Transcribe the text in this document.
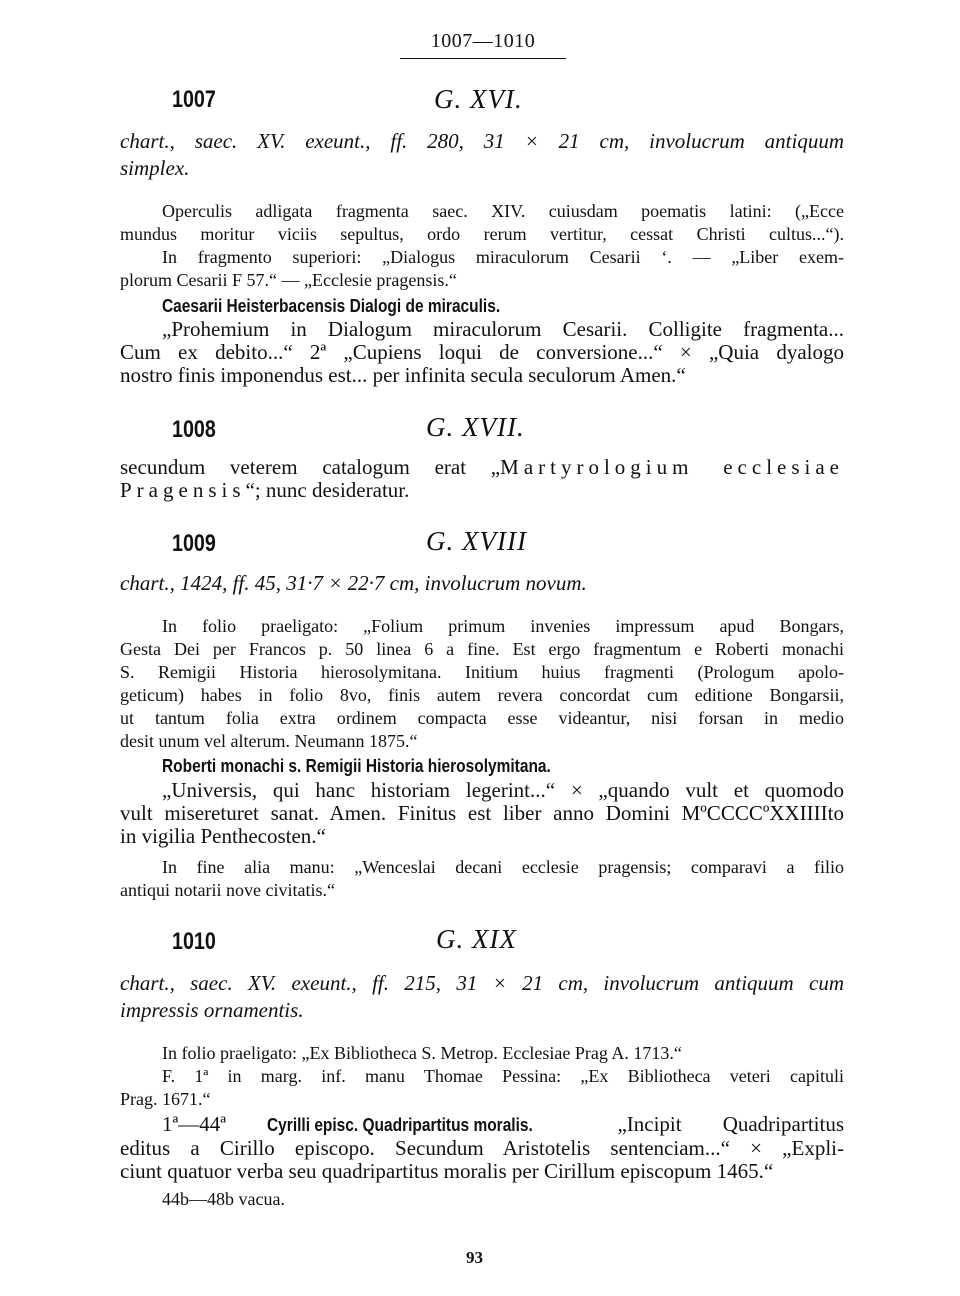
1007—1010
1007	G. XVI.
chart., saec. XV. exeunt., ff. 280, 31 × 21 cm, involucrum antiquum
simplex.
Operculis adligata fragmenta saec. XIV. cuiusdam poematis latini: („Ecce
mundus moritur viciis sepultus, ordo rerum vertitur, cessat Christi cultus...“).
In fragmento superiori: „Dialogus miraculorum Cesarii ‘. — „Liber exem-
plorum Cesarii F 57.“ — „Ecclesie pragensis.“
Caesarii Heisterbacensis Dialogi de miraculis.
„Prohemium in Dialogum miraculorum Cesarii. Colligite fragmenta...
Cum ex debito...“ 2ª „Cupiens loqui de conversione...“ × „Quia dyalogo
nostro finis imponendus est... per infinita secula seculorum Amen.“
1008	G. XVII.
secundum veterem catalogum erat „Martyrologium ecclesiae
Pragensis“; nunc desideratur.
1009	G. XVIII
chart., 1424, ff. 45, 31·7 × 22·7 cm, involucrum novum.
In folio praeligato: „Folium primum invenies impressum apud Bongars,
Gesta Dei per Francos p. 50 linea 6 a fine. Est ergo fragmentum e Roberti monachi
S. Remigii Historia hierosolymitana. Initium huius fragmenti (Prologum apolo-
geticum) habes in folio 8vo, finis autem revera concordat cum editione Bongarsii,
ut tantum folia extra ordinem compacta esse videantur, nisi forsan in medio
desit unum vel alterum. Neumann 1875.“
Roberti monachi s. Remigii Historia hierosolymitana.
„Universis, qui hanc historiam legerint...“ × „quando vult et quomodo
vult misereturet sanat. Amen. Finitus est liber anno Domini MºCCCCºXXIIIIto
in vigilia Penthecosten.“
In fine alia manu: „Wenceslai decani ecclesie pragensis; comparavi a filio
antiqui notarii nove civitatis.“
1010	G. XIX
chart., saec. XV. exeunt., ff. 215, 31 × 21 cm, involucrum antiquum cum
impressis ornamentis.
In folio praeligato: „Ex Bibliotheca S. Metrop. Ecclesiae Prag A. 1713.“
F. 1ª in marg. inf. manu Thomae Pessina: „Ex Bibliotheca veteri capituli
Prag. 1671.“
1ª—44ª Cyrilli episc. Quadripartitus moralis.	„Incipit Quadripartitus
editus a Cirillo episcopo. Secundum Aristotelis sentenciam...“ × „Expli-
ciunt quatuor verba seu quadripartitus moralis per Cirillum episcopum 1465.“
44b—48b vacua.
93
